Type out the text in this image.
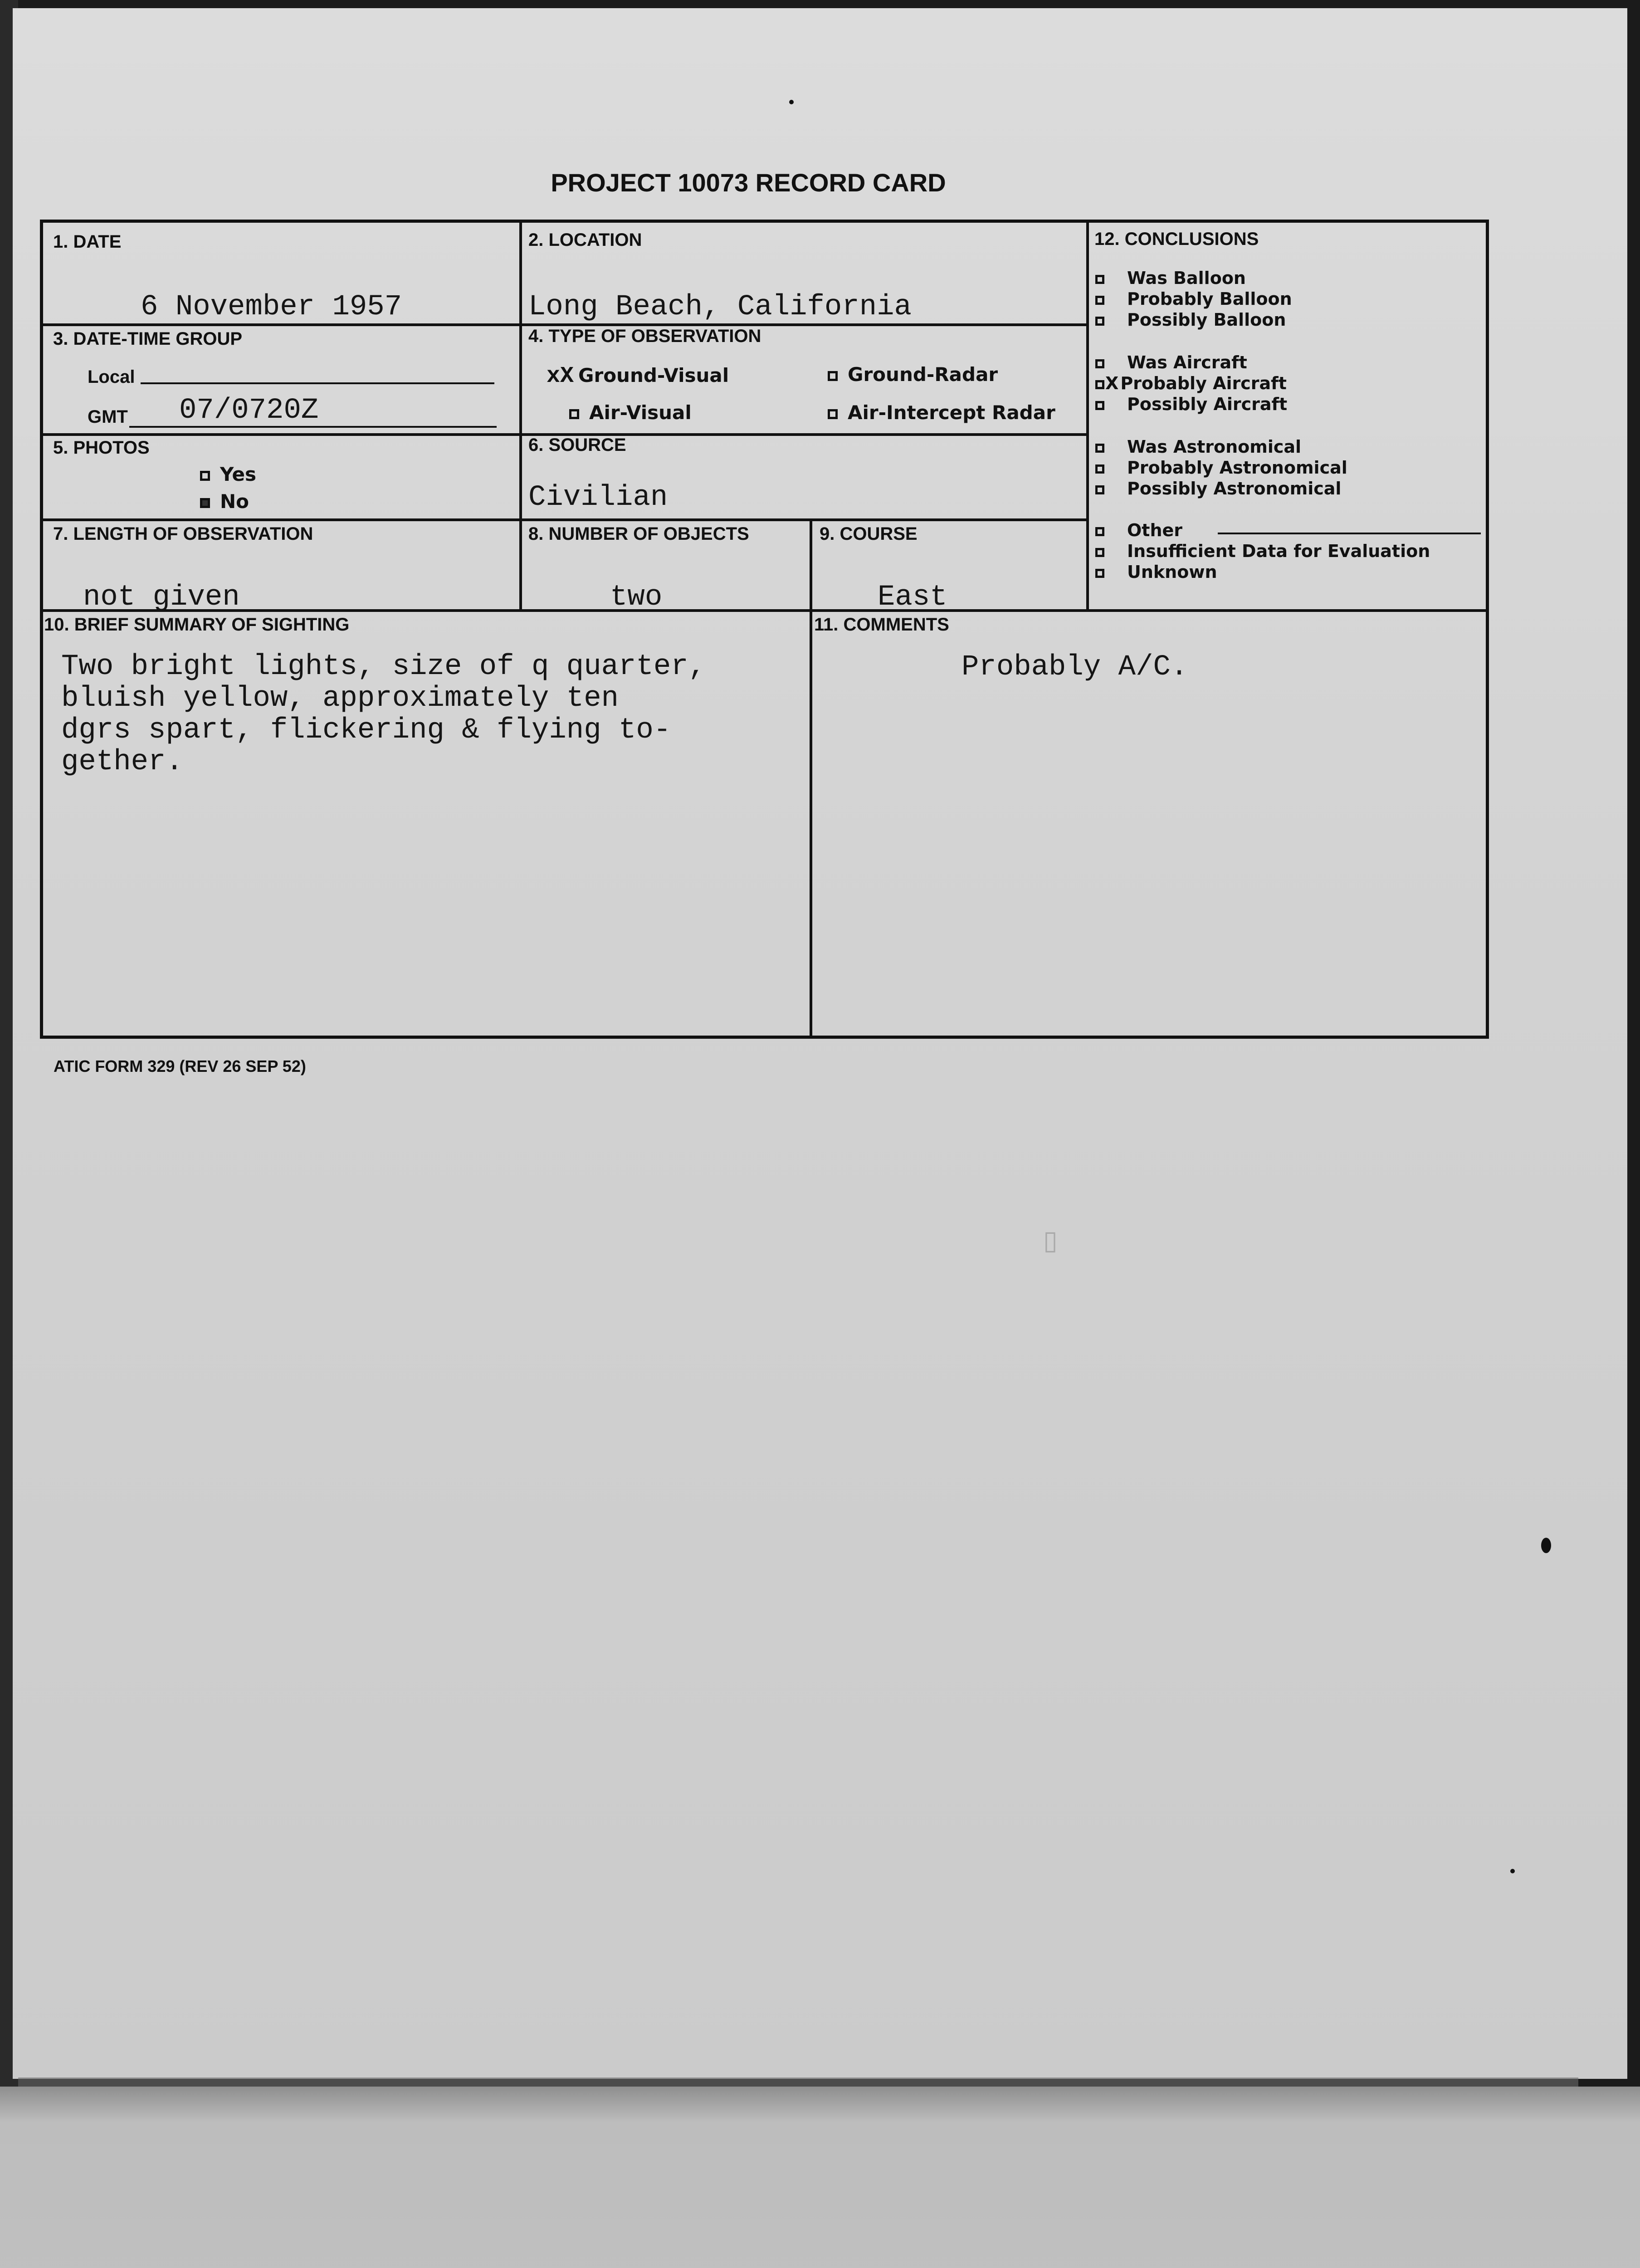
▯
PROJECT 10073 RECORD CARD
1. DATE
6 November 1957
2. LOCATION
Long Beach, California
3. DATE-TIME GROUP
Local
GMT 07/0720Z
4. TYPE OF OBSERVATION
xX Ground-Visual	Ground-Radar
Air-Visual	Air-Intercept Radar
5. PHOTOS
Yes
No
6. SOURCE
Civilian
7. LENGTH OF OBSERVATION
not given
8. NUMBER OF OBJECTS
two
9. COURSE
East
12. CONCLUSIONS
Was Balloon
Probably Balloon
Possibly Balloon
Was Aircraft
X Probably Aircraft
Possibly Aircraft
Was Astronomical
Probably Astronomical
Possibly Astronomical
Other
Insufficient Data for Evaluation
Unknown
10. BRIEF SUMMARY OF SIGHTING
Two bright lights, size of q quarter,
bluish yellow, approximately ten
dgrs spart, flickering & flying to-
gether.
11. COMMENTS
Probably A/C.
ATIC FORM 329 (REV 26 SEP 52)
